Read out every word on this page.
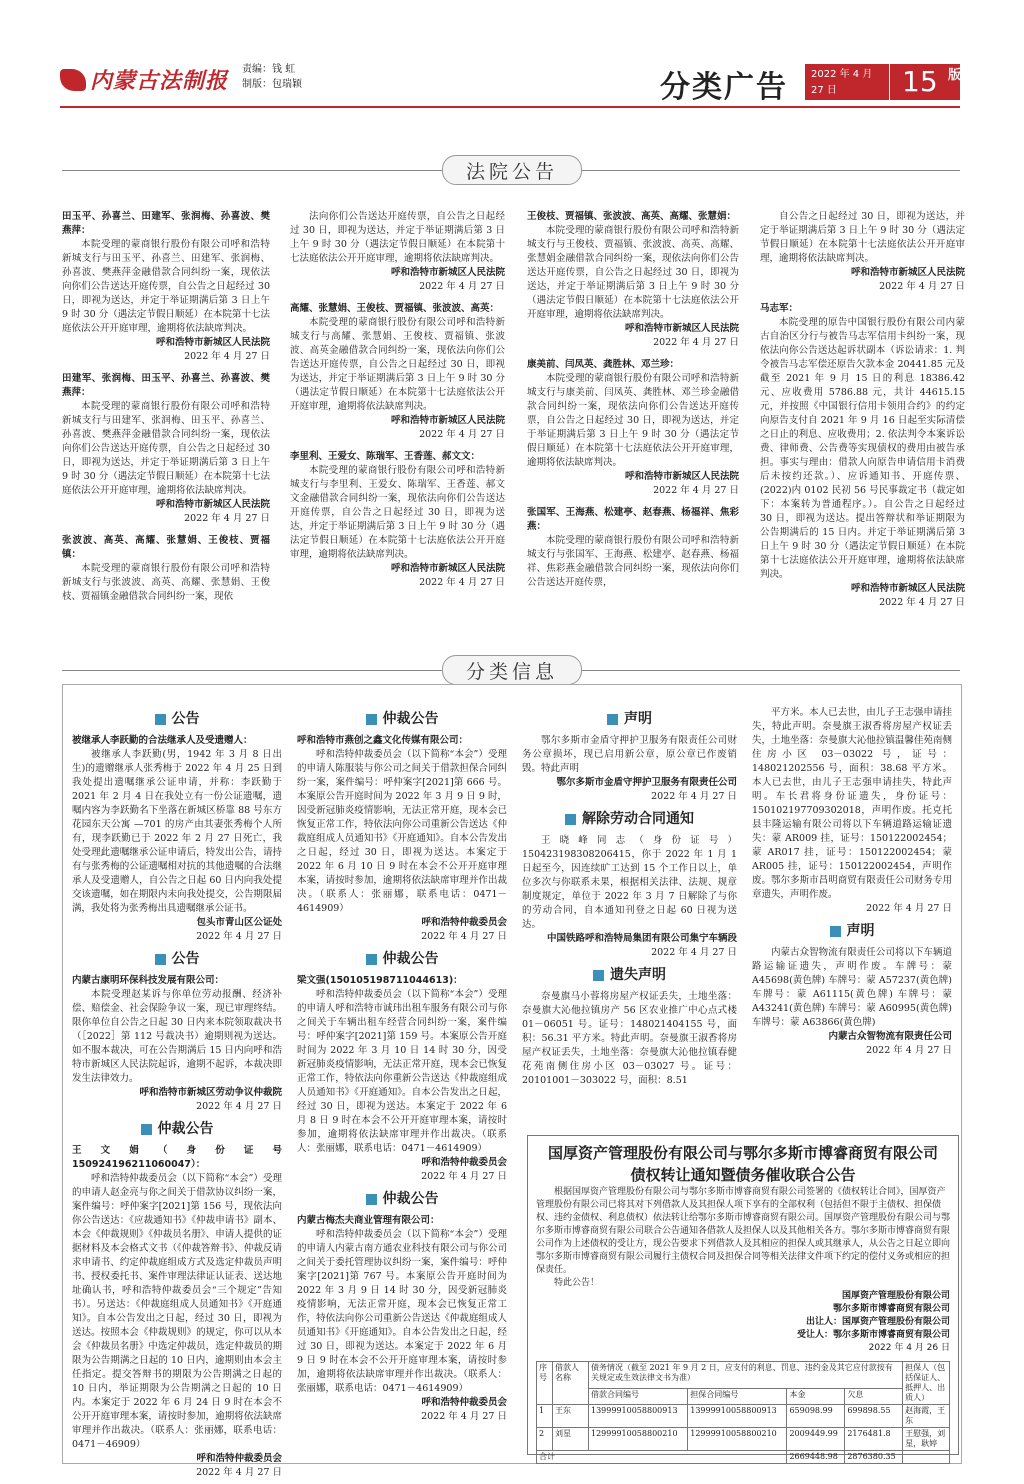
内蒙古法制报 责编：钱 虹
制版：包瑞颖	分类广告 2022 年 4 月 27 日	15 版
法院公告
田玉平、孙喜兰、田建军、张润梅、孙喜波、樊燕萍：

本院受理的蒙商银行股份有限公司呼和浩特新城支行与田玉平、孙喜兰、田建军、张润梅、孙喜波、樊燕萍金融借款合同纠纷一案，现依法向你们公告送达开庭传票，自公告之日起经过 30 日，即视为送达，并定于举证期满后第 3 日上午 9 时 30 分（遇法定节假日顺延）在本院第十七法庭依法公开开庭审理，逾期将依法缺席判决。

呼和浩特市新城区人民法院
2022 年 4 月 27 日
田建军、张润梅、田玉平、孙喜兰、孙喜波、樊燕萍：

本院受理的蒙商银行股份有限公司呼和浩特新城支行与田建军、张润梅、田玉平、孙喜兰、孙喜波、樊燕萍金融借款合同纠纷一案，现依法向你们公告送达开庭传票，自公告之日起经过 30 日，即视为送达，并定于举证期满后第 3 日上午 9 时 30 分（遇法定节假日顺延）在本院第十七法庭依法公开开庭审理，逾期将依法缺席判决。

呼和浩特市新城区人民法院
2022 年 4 月 27 日
张波波、高英、高耀、张慧娟、王俊枝、贾福镇：

本院受理的蒙商银行股份有限公司呼和浩特新城支行与张波波、高英、高耀、张慧娟、王俊枝、贾福镇金融借款合同纠纷一案，现依

法向你们公告送达开庭传票，自公告之日起经过 30 日，即视为送达，并定于举证期满后第 3 日上午 9 时 30 分（遇法定节假日顺延）在本院第十七法庭依法公开开庭审理，逾期将依法缺席判决。

呼和浩特市新城区人民法院
2022 年 4 月 27 日
高耀、张慧娟、王俊枝、贾福镇、张波波、高英：

本院受理的蒙商银行股份有限公司呼和浩特新城支行与高耀、张慧娟、王俊枝、贾福镇、张波波、高英金融借款合同纠纷一案，现依法向你们公告送达开庭传票，自公告之日起经过 30 日，即视为送达，并定于举证期满后第 3 日上午 9 时 30 分（遇法定节假日顺延）在本院第十七法庭依法公开开庭审理，逾期将依法缺席判决。

呼和浩特市新城区人民法院
2022 年 4 月 27 日
李里利、王爱女、陈瑞军、王香莲、郝文文：

本院受理的蒙商银行股份有限公司呼和浩特新城支行与李里利、王爱女、陈瑞军、王香莲、郝文文金融借款合同纠纷一案，现依法向你们公告送达开庭传票，自公告之日起经过 30 日，即视为送达，并定于举证期满后第 3 日上午 9 时 30 分（遇法定节假日顺延）在本院第十七法庭依法公开开庭审理，逾期将依法缺席判决。

呼和浩特市新城区人民法院
2022 年 4 月 27 日
王俊枝、贾福镇、张波波、高英、高耀、张慧娟：

本院受理的蒙商银行股份有限公司呼和浩特新城支行与王俊枝、贾福镇、张波波、高英、高耀、张慧娟金融借款合同纠纷一案，现依法向你们公告送达开庭传票，自公告之日起经过 30 日，即视为送达，并定于举证期满后第 3 日上午 9 时 30 分（遇法定节假日顺延）在本院第十七法庭依法公开开庭审理，逾期将依法缺席判决。

呼和浩特市新城区人民法院
2022 年 4 月 27 日
康美前、闫凤英、龚胜林、邓兰珍：

本院受理的蒙商银行股份有限公司呼和浩特新城支行与康美前、闫凤英、龚胜林、邓兰珍金融借款合同纠纷一案，现依法向你们公告送达开庭传票，自公告之日起经过 30 日，即视为送达，并定于举证期满后第 3 日上午 9 时 30 分（遇法定节假日顺延）在本院第十七法庭依法公开开庭审理，逾期将依法缺席判决。

呼和浩特市新城区人民法院
2022 年 4 月 27 日
张国军、王海燕、松建亭、赵春燕、杨福祥、焦彩燕：

本院受理的蒙商银行股份有限公司呼和浩特新城支行与张国军、王海燕、松建亭、赵春燕、杨福祥、焦彩燕金融借款合同纠纷一案，现依法向你们公告送达开庭传票，

自公告之日起经过 30 日，即视为送达，并定于举证期满后第 3 日上午 9 时 30 分（遇法定节假日顺延）在本院第十七法庭依法公开开庭审理，逾期将依法缺席判决。

呼和浩特市新城区人民法院
2022 年 4 月 27 日
马志军：

本院受理的原告中国银行股份有限公司内蒙古自治区分行与被告马志军信用卡纠纷一案，现依法向你公告送达起诉状副本（诉讼请求：1. 判令被告马志军偿还原告欠款本金 20441.85 元及截至 2021 年 9 月 15 日的利息 18386.42 元、应收费用 5786.88 元，共计 44615.15 元，并按照《中国银行信用卡领用合约》的约定向原告支付自 2021 年 9 月 16 日起至实际清偿之日止的利息、应收费用；2. 依法判令本案诉讼费、律师费、公告费等实现债权的费用由被告承担。事实与理由：借款人向原告申请信用卡消费后未按约还款。）、应诉通知书、开庭传票、(2022)内 0102 民初 56 号民事裁定书（裁定如下：本案转为普通程序。）。自公告之日起经过 30 日，即视为送达。提出答辩状和举证期限为公告期满后的 15 日内。并定于举证期满后第 3 日上午 9 时 30 分（遇法定节假日顺延）在本院第十七法庭依法公开开庭审理，逾期将依法缺席判决。

呼和浩特市新城区人民法院
2022 年 4 月 27 日
分类信息
公告
被继承人李跃勤的合法继承人及受遗赠人：

被继承人李跃勤(男，1942 年 3 月 8 日出生)的遗赠继承人张秀梅于 2022 年 4 月 25 日到我处提出遗嘱继承公证申请，并称：李跃勤于 2021 年 2 月 4 日在我处立有一份公证遗嘱，遗嘱内容为李跃勤名下坐落在新城区桥靠 88 号东方花园东天公寓 —701 的房产由其妻张秀梅个人所有，现李跃勤已于 2022 年 2 月 27 日死亡，我处受理此遗嘱继承公证申请后，特发出公告，请持有与张秀梅的公证遗嘱相对抗的其他遗嘱的合法继承人及受遗赠人，自公告之日起 60 日内向我处提交该遗嘱，如在期限内未向我处提交，公告期限届满，我处将为张秀梅出具遗嘱继承公证书。

包头市青山区公证处
2022 年 4 月 27 日
公告
内蒙古康明环保科技发展有限公司：

本院受理赵某诉与你单位劳动报酬、经济补偿、赔偿金、社会保险争议一案，现已审理终结。限你单位自公告之日起 30 日内来本院领取裁决书（［2022］第 112 号裁决书）逾期则视为送达。如不服本裁决，可在公告期满后 15 日内向呼和浩特市新城区人民法院起诉，逾期不起诉，本裁决即发生法律效力。

呼和浩特市新城区劳动争议仲裁院
2022 年 4 月 27 日
仲裁公告
王文娟（身份证号 150924196211060047）：

呼和浩特仲裁委员会（以下简称“本会”）受理的申请人赵金亮与你之间关于借款协议纠纷一案，案件编号：呼仲案字[2021]第 156 号，现依法向你公告送达：《应裁通知书》《仲裁申请书》副本、本会《仲裁规则》《仲裁员名册》、申请人提供的证据材料及本会格式文书（《仲裁答辩书》、仲裁反请求申请书、约定仲裁庭组成方式及选定仲裁员声明书、授权委托书、案件审理法律证认证表、送达地址确认书，呼和浩特仲裁委员会“三个规定”告知书）。另送达：《仲裁庭组成人员通知书》《开庭通知》。自本公告发出之日起，经过 30 日，即视为送达。按照本会《仲裁规则》的规定，你可以从本会《仲裁员名册》中选定仲裁员，选定仲裁员的期限为公告期满之日起的 10 日内，逾期则由本会主任指定。提交答辩书的期限为公告期满之日起的 10 日内，举证期限为公告期满之日起的 10 日内。本案定于 2022 年 6 月 24 日 9 时在本会不公开开庭审理本案，请按时参加，逾期将依法缺席审理并作出裁决。（联系人：张丽娜，联系电话：0471－46909）

呼和浩特仲裁委员会
2022 年 4 月 27 日
仲裁公告
呼和浩特市燕创之鑫文化传媒有限公司：

呼和浩特仲裁委员会（以下简称“本会”）受理的申请人陈服装与你公司之间关于借款担保合同纠纷一案，案件编号：呼仲案字[2021]第 666 号。本案原公告开庭时间为 2022 年 3 月 9 日 9 时，因受新冠肺炎疫情影响，无法正常开庭，现本会已恢复正常工作，特依法向你公司重新公告送达《仲裁庭组成人员通知书》《开庭通知》。自本公告发出之日起，经过 30 日，即视为送达。本案定于 2022 年 6 月 10 日 9 时在本会不公开开庭审理本案，请按时参加，逾期将依法缺席审理并作出裁决。（联系人：张丽娜，联系电话：0471－4614909）

呼和浩特仲裁委员会
2022 年 4 月 27 日
仲裁公告
梁文强(150105198711044613)：

呼和浩特仲裁委员会（以下简称“本会”）受理的申请人呼和浩特市诚玮出租车服务有限公司与你之间关于车辆出租车经营合同纠纷一案，案件编号：呼仲案字[2021]第 159 号。本案原公告开庭时间为 2022 年 3 月 10 日 14 时 30 分，因受新冠肺炎疫情影响，无法正常开庭，现本会已恢复正常工作，特依法向你重新公告送达《仲裁庭组成人员通知书》《开庭通知》。自本公告发出之日起，经过 30 日，即视为送达。本案定于 2022 年 6 月 8 日 9 时在本会不公开开庭审理本案，请按时参加，逾期将依法缺席审理并作出裁决。（联系人：张丽娜，联系电话：0471－4614909）

呼和浩特仲裁委员会
2022 年 4 月 27 日
仲裁公告
内蒙古梅杰夫商业管理有限公司：

呼和浩特仲裁委员会（以下简称“本会”）受理的申请人内蒙古南方通农业科技有限公司与你公司之间关于委托管理协议纠纷一案，案件编号：呼仲案字[2021]第 767 号。本案原公告开庭时间为 2022 年 3 月 9 日 14 时 30 分，因受新冠肺炎疫情影响，无法正常开庭，现本会已恢复正常工作，特依法向你公司重新公告送达《仲裁庭组成人员通知书》《开庭通知》。自本公告发出之日起，经过 30 日，即视为送达。本案定于 2022 年 6 月 9 日 9 时在本会不公开开庭审理本案，请按时参加，逾期将依法缺席审理并作出裁决。（联系人：张丽娜，联系电话：0471－4614909）

呼和浩特仲裁委员会
2022 年 4 月 27 日
声明

鄂尔多斯市金盾守押护卫服务有限责任公司财务公章损坏，现已启用新公章，原公章已作废销毁。特此声明

鄂尔多斯市金盾守押护卫服务有限责任公司
2022 年 4 月 27 日
解除劳动合同通知

王晓峰同志（身份证号）150423198308206415，你于 2022 年 1 月 1 日起至今，因连续旷工达到 15 个工作日以上，单位多次与你联系未果，根据相关法律、法规、规章制度规定，单位于 2022 年 3 月 7 日解除了与你的劳动合同，自本通知刊登之日起 60 日视为送达。

中国铁路呼和浩特局集团有限公司集宁车辆段
2022 年 4 月 27 日
遗失声明

奈曼旗马小蓉将房屋产权证丢失，土地坐落：奈曼旗大沁他拉镇房产 56 区农业推广中心点式楼 01－06051 号。证号：148021404155 号，面积：56.31 平方米。特此声明。奈曼旗王淑香将房屋产权证丢失，土地坐落：奈曼旗大沁他拉镇春健花苑南侧住房小区 03－03027 号。证号：20101001－303022 号，面积：8.51

平方米。本人已去世，由儿子王志强申请挂失，特此声明。奈曼旗王淑香将房屋产权证丢失，土地坐落：奈曼旗大沁他拉镇温馨佳苑南侧住房小区 03－03022 号，证号：148021202556 号，面积：38.68 平方米。本人已去世，由儿子王志强申请挂失，特此声明。车长君将身份证遗失，身份证号：150102197709302018，声明作废。托克托县丰隆运输有限公司将以下车辆道路运输证遗失：蒙 AR009 挂，证号：150122002454；蒙 AR017 挂，证号：150122002454；蒙 AR005 挂，证号：150122002454，声明作废。鄂尔多斯市昌明商贸有限责任公司财务专用章遗失，声明作废。

2022 年 4 月 27 日
声明

内蒙古众智物流有限责任公司将以下车辆道路运输证遗失，声明作废。车牌号：蒙 A45698(黄色牌) 车牌号：蒙 A57237(黄色牌) 车牌号：蒙 A61115(黄色牌) 车牌号：蒙 A43241(黄色牌) 车牌号：蒙 A60995(黄色牌) 车牌号：蒙 A63866(黄色牌)

内蒙古众智物流有限责任公司
2022 年 4 月 27 日
国厚资产管理股份有限公司与鄂尔多斯市博睿商贸有限公司
债权转让通知暨债务催收联合公告

根据国厚资产管理股份有限公司与鄂尔多斯市博睿商贸有限公司签署的《债权转让合同》，国厚资产管理股份有限公司已将其对下列借款人及其担保人项下享有的全部权利（包括但不限于主债权、担保债权、违约金债权、利息债权）依法转让给鄂尔多斯市博睿商贸有限公司。国厚资产管理股份有限公司与鄂尔多斯市博睿商贸有限公司联合公告通知各借款人及担保人以及其他相关各方。鄂尔多斯市博睿商贸有限公司作为上述债权的受让方，现公告要求下列借款人及其相应的担保人或其继承人，从公告之日起立即向鄂尔多斯市博睿商贸有限公司履行主债权合同及担保合同等相关法律文件项下约定的偿付义务或相应的担保责任。

特此公告！

国厚资产管理股份有限公司
鄂尔多斯市博睿商贸有限公司
出让人：国厚资产管理股份有限公司
受让人：鄂尔多斯市博睿商贸有限公司
2022 年 4 月 26 日
序号	借款人名称	债务情况（截至 2021 年 9 月 2 日，应支付的利息、罚息、违约金及其它应付款按有关规定或生效法律文书为准）				担保人（包括保证人、抵押人、出质人）
		借款合同编号	担保合同编号	本金	欠息	
1	王东	13999910058800913	13999910058800913	659098.99	699898.55	赵海霞，王东
2	刘星	12999910058800210	12999910058800210	2009449.99	2176481.8	王慰强，刘星，耿婷
合计				2669448.98	2876380.35	
